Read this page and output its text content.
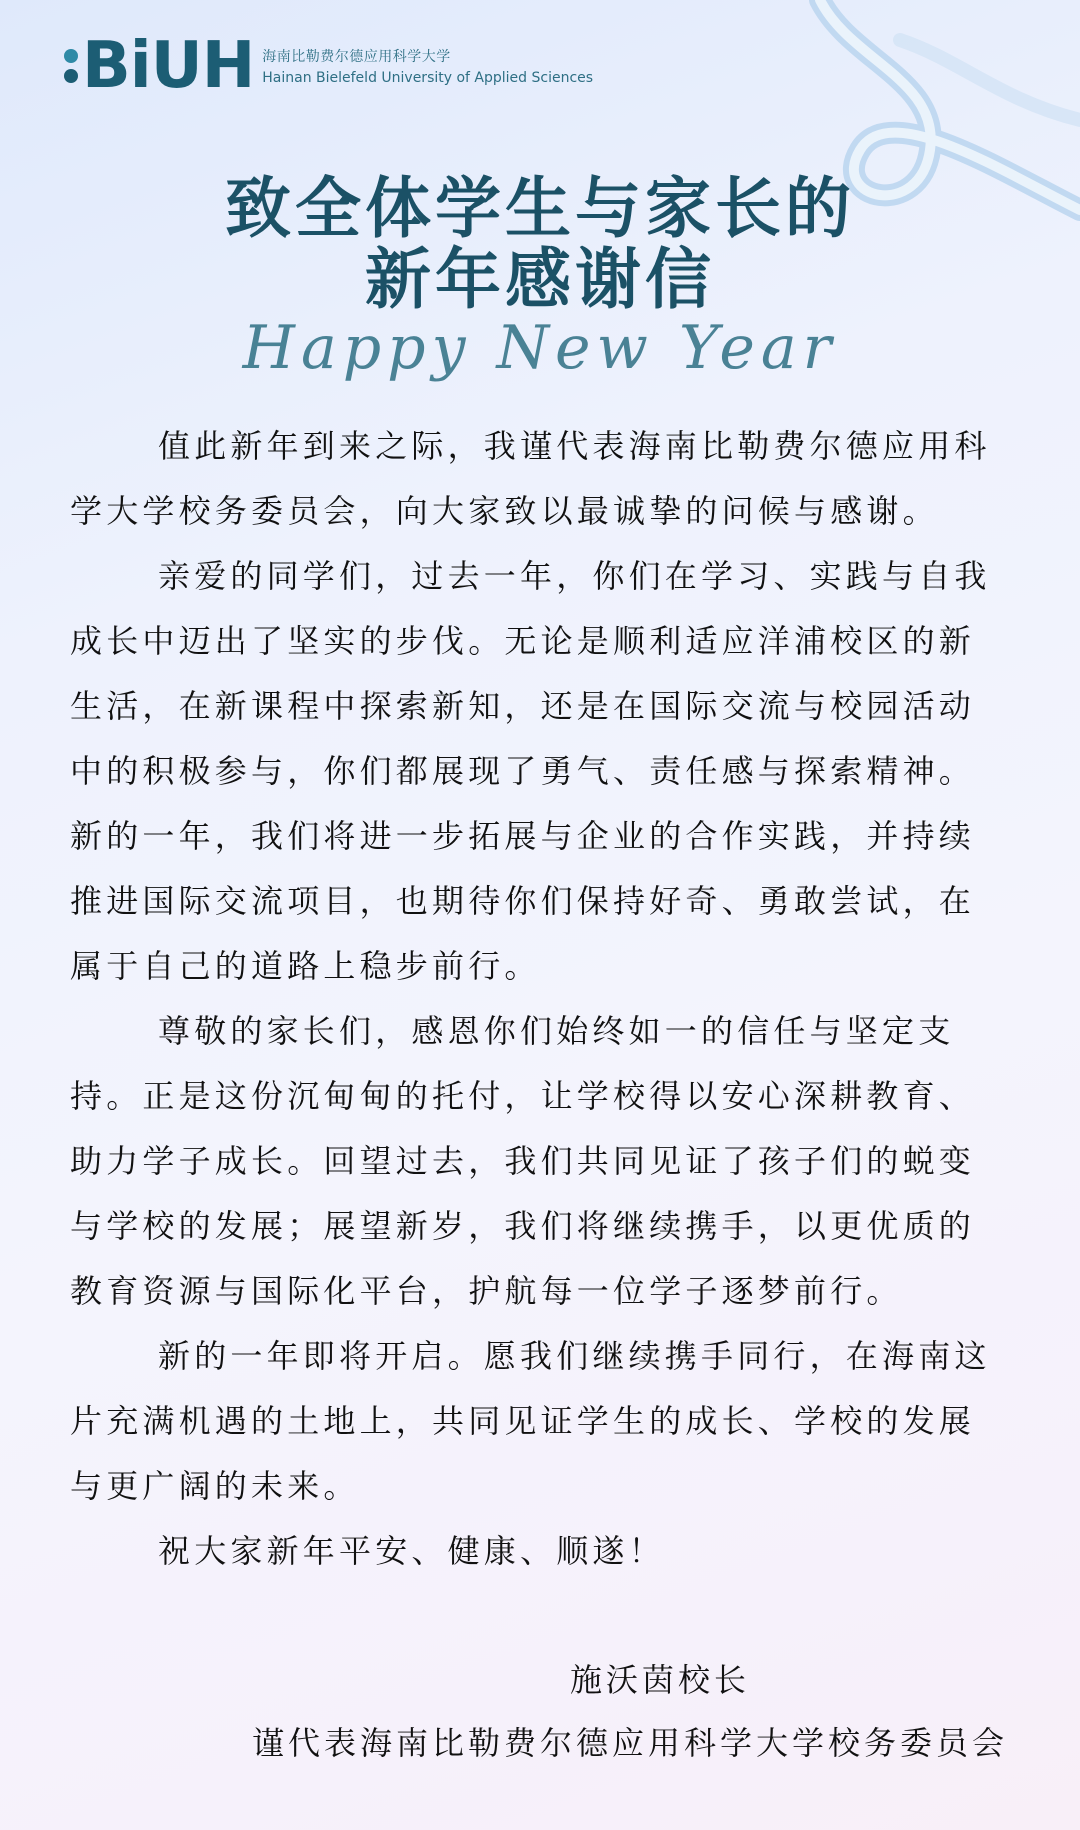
BiUH 海南比勒费尔德应用科学大学
Hainan Bielefeld University of Applied Sciences
致全体学生与家长的
新年感谢信
Happy New Year

值此新年到来之际，我谨代表海南比勒费尔德应用科学大学校务委员会，向大家致以最诚挚的问候与感谢。

亲爱的同学们，过去一年，你们在学习、实践与自我成长中迈出了坚实的步伐。无论是顺利适应洋浦校区的新生活，在新课程中探索新知，还是在国际交流与校园活动中的积极参与，你们都展现了勇气、责任感与探索精神。新的一年，我们将进一步拓展与企业的合作实践，并持续推进国际交流项目，也期待你们保持好奇、勇敢尝试，在属于自己的道路上稳步前行。

尊敬的家长们，感恩你们始终如一的信任与坚定支持。正是这份沉甸甸的托付，让学校得以安心深耕教育、助力学子成长。回望过去，我们共同见证了孩子们的蜕变与学校的发展；展望新岁，我们将继续携手，以更优质的教育资源与国际化平台，护航每一位学子逐梦前行。

新的一年即将开启。愿我们继续携手同行，在海南这片充满机遇的土地上，共同见证学生的成长、学校的发展与更广阔的未来。

祝大家新年平安、健康、顺遂！

施沃茵校长
谨代表海南比勒费尔德应用科学大学校务委员会
